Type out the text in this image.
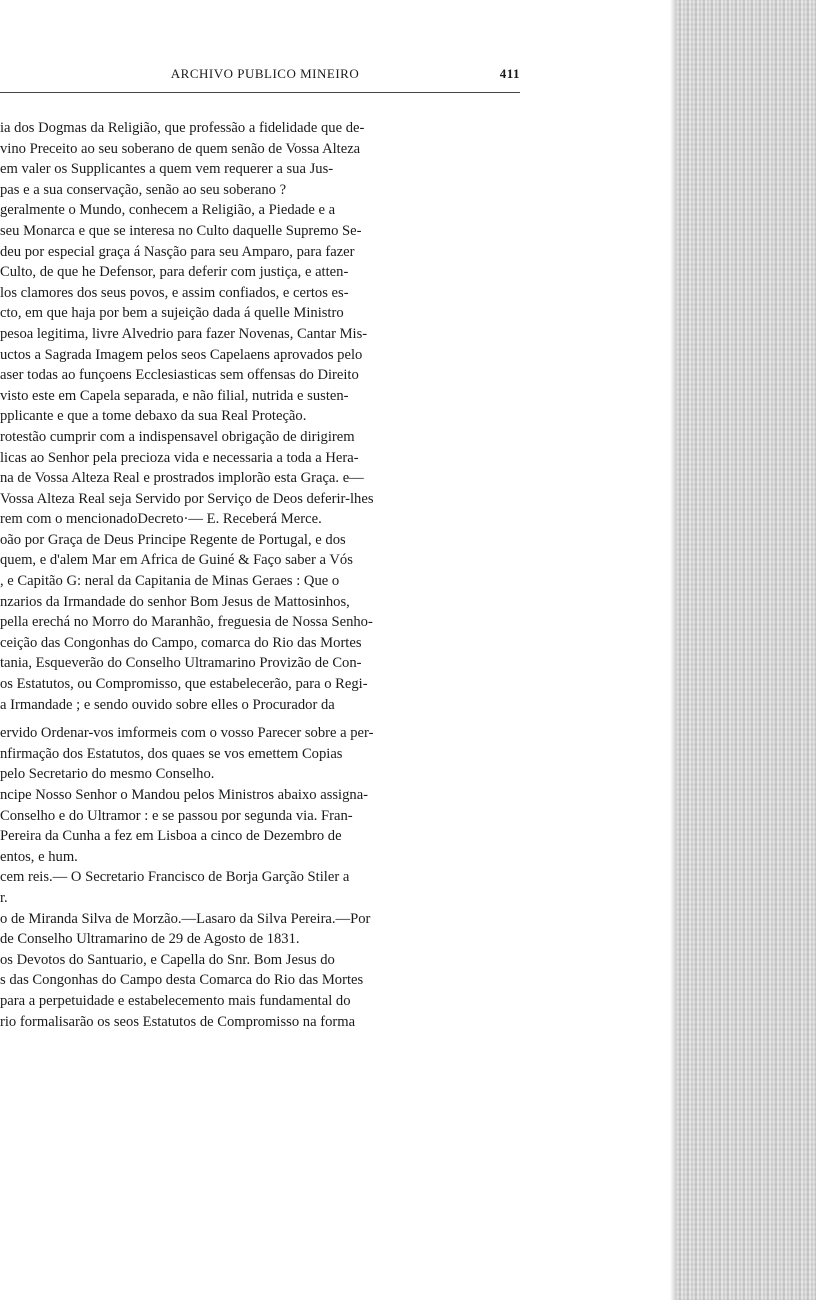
ARCHIVO PUBLICO MINEIRO	411
ia dos Dogmas da Religião, que professão a fidelidade que de-
vino Preceito ao seu soberano de quem senão de Vossa Alteza
em valer os Supplicantes a quem vem requerer a sua Jus-
pas e a sua conservação, senão ao seu soberano ?
geralmente o Mundo, conhecem a Religião, a Piedade e a
seu Monarca e que se interesa no Culto daquelle Supremo Se-
deu por especial graça á Nasção para seu Amparo, para fazer
Culto, de que he Defensor, para deferir com justiça, e atten-
los clamores dos seus povos, e assim confiados, e certos es-
cto, em que haja por bem a sujeição dada á quelle Ministro
pesoa legitima, livre Alvedrio para fazer Novenas, Cantar Mis-
uctos a Sagrada Imagem pelos seos Capelaens aprovados pelo
aser todas ao funçoens Ecclesiasticas sem offensas do Direito
visto este em Capela separada, e não filial, nutrida e susten-
pplicante e que a tome debaxo da sua Real Proteção.
rotestão cumprir com a indispensavel obrigação de dirigirem
licas ao Senhor pela precioza vida e necessaria a toda a Hera-
na de Vossa Alteza Real e prostrados implorão esta Graça. e—
Vossa Alteza Real seja Servido por Serviço de Deos deferir-lhes
rem com o mencionadoDecreto·— E. Receberá Merce.
oão por Graça de Deus Principe Regente de Portugal, e dos
quem, e d'alem Mar em Africa de Guiné & Faço saber a Vós
, e Capitão G: neral da Capitania de Minas Geraes : Que o
nzarios da Irmandade do senhor Bom Jesus de Mattosinhos,
pella erechá no Morro do Maranhão, freguesia de Nossa Senho-
ceição das Congonhas do Campo, comarca do Rio das Mortes
tania, Esqueverão do Conselho Ultramarino Provizão de Con-
os Estatutos, ou Compromisso, que estabelecerão, para o Regi-
a Irmandade ; e sendo ouvido sobre elles o Procurador da
ervido Ordenar-vos imformeis com o vosso Parecer sobre a per-
nfirmação dos Estatutos, dos quaes se vos emettem Copias
pelo Secretario do mesmo Conselho.
ncipe Nosso Senhor o Mandou pelos Ministros abaixo assigna-
Conselho e do Ultramor : e se passou por segunda via. Fran-
Pereira da Cunha a fez em Lisboa a cinco de Dezembro de
entos, e hum.
cem reis.— O Secretario Francisco de Borja Garção Stiler a
r.
o de Miranda Silva de Morzão.—Lasaro da Silva Pereira.—Por
de Conselho Ultramarino de 29 de Agosto de 1831.
os Devotos do Santuario, e Capella do Snr. Bom Jesus do
s das Congonhas do Campo desta Comarca do Rio das Mortes
para a perpetuidade e estabelecemento mais fundamental do
rio formalisarão os seos Estatutos de Compromisso na forma
